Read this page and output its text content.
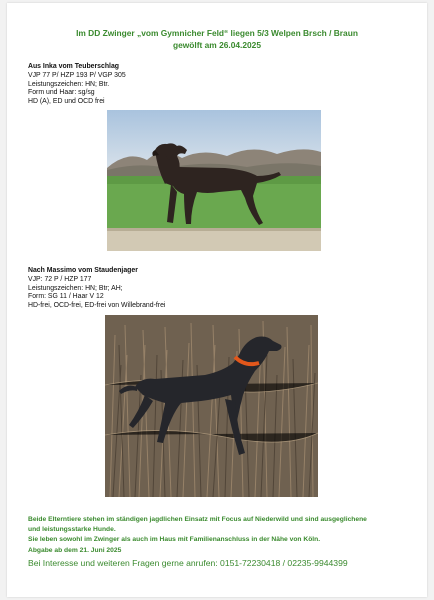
Im DD Zwinger „vom Gymnicher Feld“ liegen 5/3 Welpen Brsch / Braun
gewölft am 26.04.2025
Aus Inka vom Teuberschlag
VJP 77 P/ HZP 193 P/ VGP 305
Leistungszeichen: HN; Btr.
Form und Haar: sg/sg
HD (A), ED und OCD frei
Nach Massimo vom Staudenjager
VJP: 72 P / HZP 177
Leistungszeichen: HN; Btr; AH;
Form: SG 11 / Haar V 12
HD-frei, OCD-frei, ED-frei von Willebrand-frei
Beide Elterntiere stehen im ständigen jagdlichen Einsatz mit Focus auf Niederwild und sind ausgeglichene
und leistungsstarke Hunde.
Sie leben sowohl im Zwinger als auch im Haus mit Familienanschluss in der Nähe von Köln.
Abgabe ab dem 21. Juni 2025
Bei Interesse und weiteren Fragen gerne anrufen: 0151-72230418 / 02235-9944399
